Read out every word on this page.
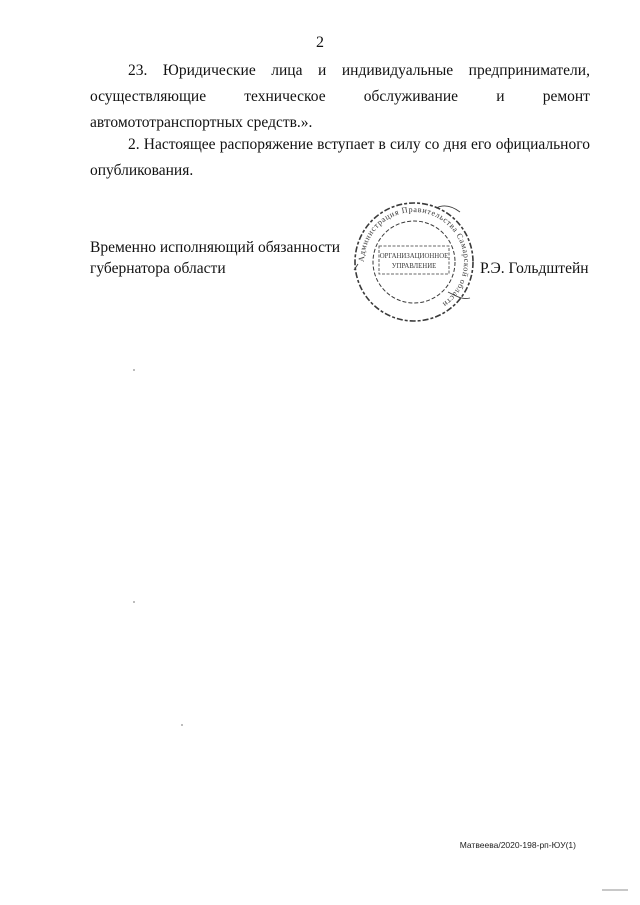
2
23. Юридические лица и индивидуальные предприниматели,
осуществляющие техническое обслуживание и ремонт
автомототранспортных средств.».
2. Настоящее распоряжение вступает в силу со дня его официального
опубликования.
Временно исполняющий обязанности
губернатора области
Администрация Правительства Самарской области
ОРГАНИЗАЦИОННОЕ
УПРАВЛЕНИЕ	Р.Э. Гольдштейн
Матвеева/2020-198-рп-ЮУ(1)
